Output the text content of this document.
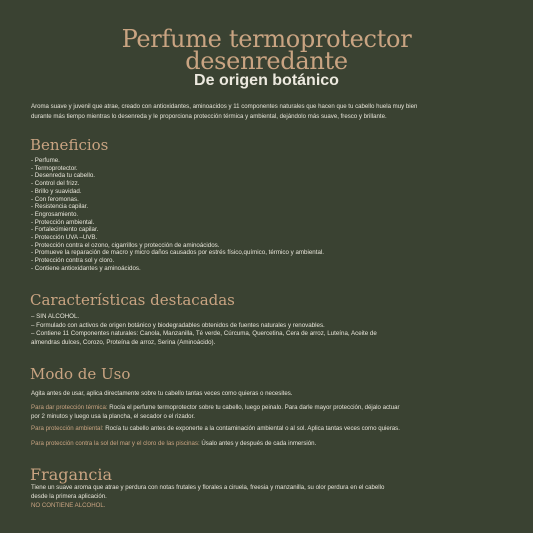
Perfume termoprotector
desenredante
De origen botánico
Aroma suave y juvenil que atrae, creado con antioxidantes, aminoacidos y 11 componentes naturales que hacen que tu cabello huela muy bien
durante más tiempo mientras lo desenreda y le proporciona protección térmica y ambiental, dejándolo más suave, fresco y brillante.
Beneficios
- Perfume.
- Termoprotector.
- Desenreda tu cabello.
- Control del frizz.
- Brillo y suavidad.
- Con feromonas.
- Resistencia capilar.
- Engrosamiento.
- Protección ambiental.
- Fortalecimiento capilar.
- Protección UVA –UVB.
- Protección contra el ozono, cigarrillos y protección de aminoácidos.
- Promueve la reparación de macro y micro daños causados por estrés físico,químico, térmico y ambiental.
- Protección contra sol y cloro.
- Contiene antioxidantes y aminoácidos.
Características destacadas
– SIN ALCOHOL.
– Formulado con activos de origen botánico y biodegradables obtenidos de fuentes naturales y renovables.
– Contiene 11 Componentes naturales: Canola, Manzanilla, Té verde, Cúrcuma, Quercetina, Cera de arroz, Luteína, Aceite de
almendras dulces, Corozo, Proteína de arroz, Serina (Aminoácido).
Modo de Uso

Agita antes de usar, aplica directamente sobre tu cabello tantas veces como quieras o necesites.

Para dar protección térmica: Rocía el perfume termoprotector sobre tu cabello, luego peinalo. Para darle mayor protección, déjalo actuar
por 2 minutos y luego usa la plancha, el secador o el rizador.

Para protección ambiental: Rocía tu cabello antes de exponerte a la contaminación ambiental o al sol. Aplica tantas veces como quieras.

Para protección contra la sol del mar y el cloro de las piscinas: Úsalo antes y después de cada inmersión.

Fragancia

Tiene un suave aroma que atrae y perdura con notas frutales y florales a ciruela, freesia y manzanilla, su olor perdura en el cabello
desde la primera aplicación.

NO CONTIENE ALCOHOL.
